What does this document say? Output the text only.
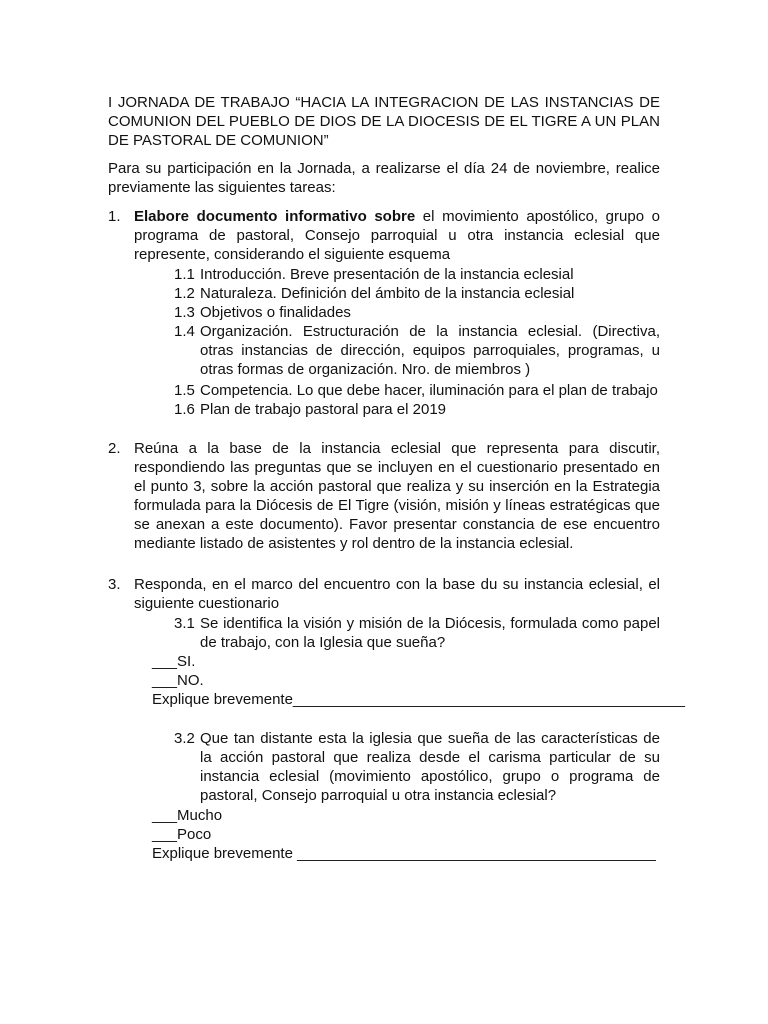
I JORNADA DE TRABAJO “HACIA LA INTEGRACION DE LAS INSTANCIAS DE COMUNION DEL PUEBLO DE DIOS DE LA DIOCESIS DE EL TIGRE A UN PLAN DE PASTORAL DE COMUNION”
Para su participación en la Jornada, a realizarse el día 24 de noviembre, realice previamente las siguientes tareas:
1. Elabore documento informativo sobre el movimiento apostólico, grupo o programa de pastoral, Consejo parroquial u otra instancia eclesial que represente, considerando el siguiente esquema
1.1 Introducción. Breve presentación de la instancia eclesial
1.2 Naturaleza. Definición del ámbito de la instancia eclesial
1.3 Objetivos o finalidades
1.4 Organización. Estructuración de la instancia eclesial. (Directiva, otras instancias de dirección, equipos parroquiales, programas, u otras formas de organización. Nro. de miembros )
1.5 Competencia. Lo que debe hacer, iluminación para el plan de trabajo
1.6 Plan de trabajo pastoral para el 2019
2. Reúna a la base de la instancia eclesial que representa para discutir, respondiendo las preguntas que se incluyen en el cuestionario presentado en el punto 3, sobre la acción pastoral que realiza y su inserción en la Estrategia formulada para la Diócesis de El Tigre (visión, misión y líneas estratégicas que se anexan a este documento). Favor presentar constancia de ese encuentro mediante listado de asistentes y rol dentro de la instancia eclesial.
3. Responda, en el marco del encuentro con la base du su instancia eclesial, el siguiente cuestionario
3.1 Se identifica la visión y misión de la Diócesis, formulada como papel de trabajo, con la Iglesia que sueña?
___SI.
___NO.
Explique brevemente_______________________________________________
3.2 Que tan distante esta la iglesia que sueña de las características de la acción pastoral que realiza desde el carisma particular de su instancia eclesial (movimiento apostólico, grupo o programa de pastoral, Consejo parroquial u otra instancia eclesial?
___Mucho
___Poco
Explique brevemente ___________________________________________
